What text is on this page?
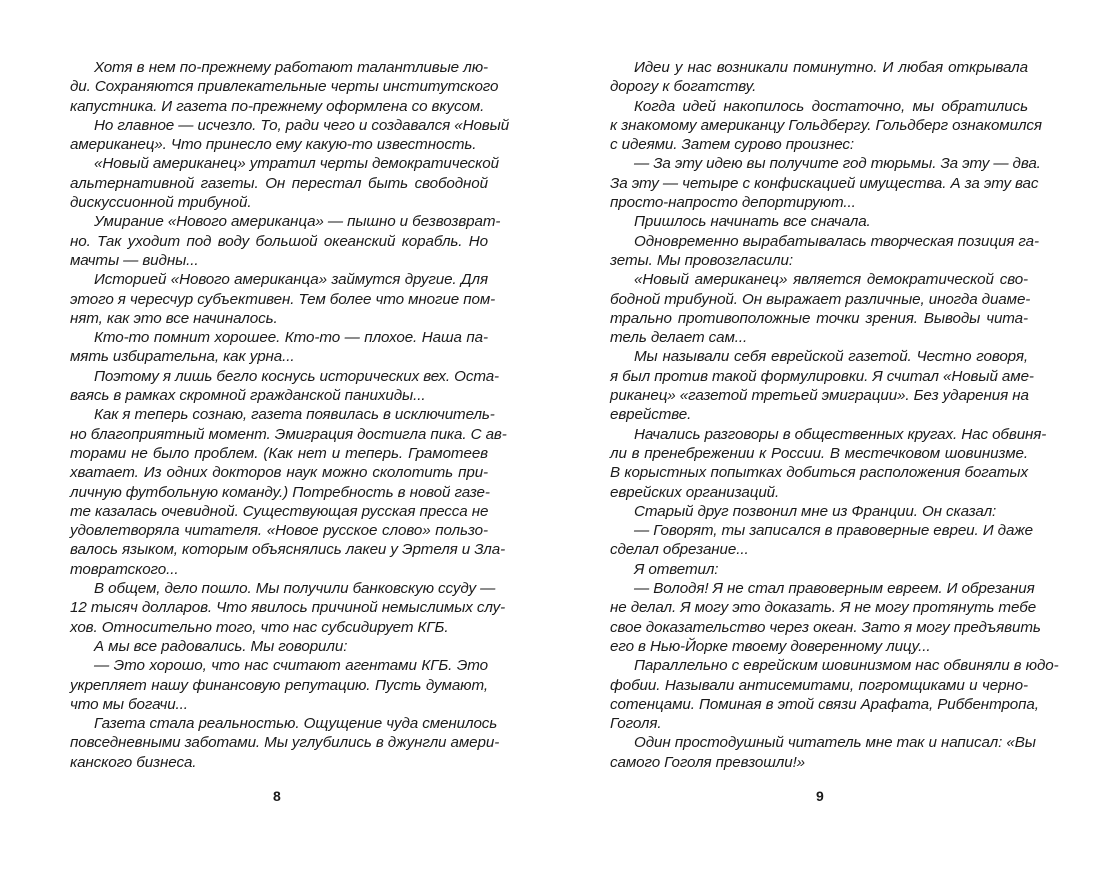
Хотя в нем по-прежнему работают талантливые лю-
ди. Сохраняются привлекательные черты институтского
капустника. И газета по-прежнему оформлена со вкусом.
Но главное — исчезло. То, ради чего и создавался «Новый
американец». Что принесло ему какую-то известность.
«Новый американец» утратил черты демократической
альтернативной газеты. Он перестал быть свободной
дискуссионной трибуной.
Умирание «Нового американца» — пышно и безвозврат-
но. Так уходит под воду большой океанский корабль. Но
мачты — видны...
Историей «Нового американца» займутся другие. Для
этого я чересчур субъективен. Тем более что многие пом-
нят, как это все начиналось.
Кто-то помнит хорошее. Кто-то — плохое. Наша па-
мять избирательна, как урна...
Поэтому я лишь бегло коснусь исторических вех. Оста-
ваясь в рамках скромной гражданской панихиды...
Как я теперь сознаю, газета появилась в исключитель-
но благоприятный момент. Эмиграция достигла пика. С ав-
торами не было проблем. (Как нет и теперь. Грамотеев
хватает. Из одних докторов наук можно сколотить при-
личную футбольную команду.) Потребность в новой газе-
те казалась очевидной. Существующая русская пресса не
удовлетворяла читателя. «Новое русское слово» пользо-
валось языком, которым объяснялись лакеи у Эртеля и Зла-
товратского...
В общем, дело пошло. Мы получили банковскую ссуду —
12 тысяч долларов. Что явилось причиной немыслимых слу-
хов. Относительно того, что нас субсидирует КГБ.
А мы все радовались. Мы говорили:
— Это хорошо, что нас считают агентами КГБ. Это
укрепляет нашу финансовую репутацию. Пусть думают,
что мы богачи...
Газета стала реальностью. Ощущение чуда сменилось
повседневными заботами. Мы углубились в джунгли амери-
канского бизнеса.
Идеи у нас возникали поминутно. И любая открывала
дорогу к богатству.
Когда идей накопилось достаточно, мы обратились
к знакомому американцу Гольдбергу. Гольдберг ознакомился
с идеями. Затем сурово произнес:
— За эту идею вы получите год тюрьмы. За эту — два.
За эту — четыре с конфискацией имущества. А за эту вас
просто-напросто депортируют...
Пришлось начинать все сначала.
Одновременно вырабатывалась творческая позиция га-
зеты. Мы провозгласили:
«Новый американец» является демократической сво-
бодной трибуной. Он выражает различные, иногда диаме-
трально противоположные точки зрения. Выводы чита-
тель делает сам...
Мы называли себя еврейской газетой. Честно говоря,
я был против такой формулировки. Я считал «Новый аме-
риканец» «газетой третьей эмиграции». Без ударения на
еврействе.
Начались разговоры в общественных кругах. Нас обвиня-
ли в пренебрежении к России. В местечковом шовинизме.
В корыстных попытках добиться расположения богатых
еврейских организаций.
Старый друг позвонил мне из Франции. Он сказал:
— Говорят, ты записался в правоверные евреи. И даже
сделал обрезание...
Я ответил:
— Володя! Я не стал правоверным евреем. И обрезания
не делал. Я могу это доказать. Я не могу протянуть тебе
свое доказательство через океан. Зато я могу предъявить
его в Нью-Йорке твоему доверенному лицу...
Параллельно с еврейским шовинизмом нас обвиняли в юдо-
фобии. Называли антисемитами, погромщиками и черно-
сотенцами. Поминая в этой связи Арафата, Риббентропа,
Гоголя.
Один простодушный читатель мне так и написал: «Вы
самого Гоголя превзошли!»
8	9
